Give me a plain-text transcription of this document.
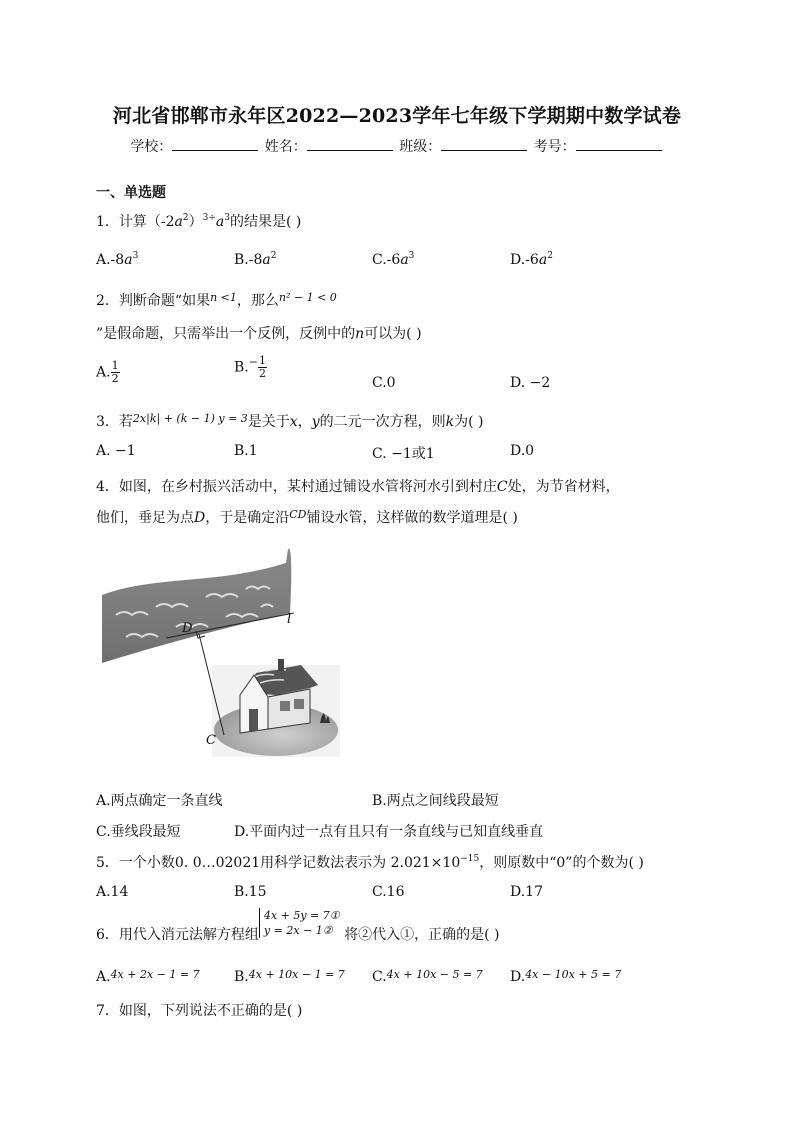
河北省邯郸市永年区2022—2023学年七年级下学期期中数学试卷
学校：	姓名：	班级：	考号：
一、单选题
1．计算$(-2a^2)^{3\div}a^3$的结果是( )
$A.-8a^3$	$B.-8a^2$	$C.-6a^3$	$D.-6a^2$
2．判断命题“如果$^{n <1}$，那么$^{n^2 - 1 < 0}$
”是假命题，只需举出一个反例，反例中的n可以为( )
A. $\frac{1}{2}$	$B.^- \frac{1}{2}$
C.0	D. −2
3．若$^{2x|k| + (k - 1) y = 3}$是关于x，y的二元一次方程，则k为( )
A. −1	B.1	C. −1或1	D.0
4．如图，在乡村振兴活动中，某村通过铺设水管将河水引到村庄C处，为节省材料，
他们，垂足为点D，于是确定沿$^{CD}$铺设水管，这样做的数学道理是( )
D
l
C
A.两点确定一条直线	B.两点之间线段最短
C.垂线段最短	D.平面内过一点有且只有一条直线与已知直线垂直
5．一个小数0. 0…02021用科学记数法表示为 $2.021\times 10^{-15}$，则原数中“0”的个数为( )
A.14	B.15	C.16	D.17
6．用代入消元法解方程组
4x + 5y = 7①
y = 2x − 1② 将②代入①，正确的是( )
A.$^{4x + 2x - 1 = 7}$ B.$^{4x + 10x - 1 = 7}$ C.$^{4x + 10x - 5 = 7}$ D.$^{4x - 10x + 5 = 7}$
7．如图，下列说法不正确的是( )
